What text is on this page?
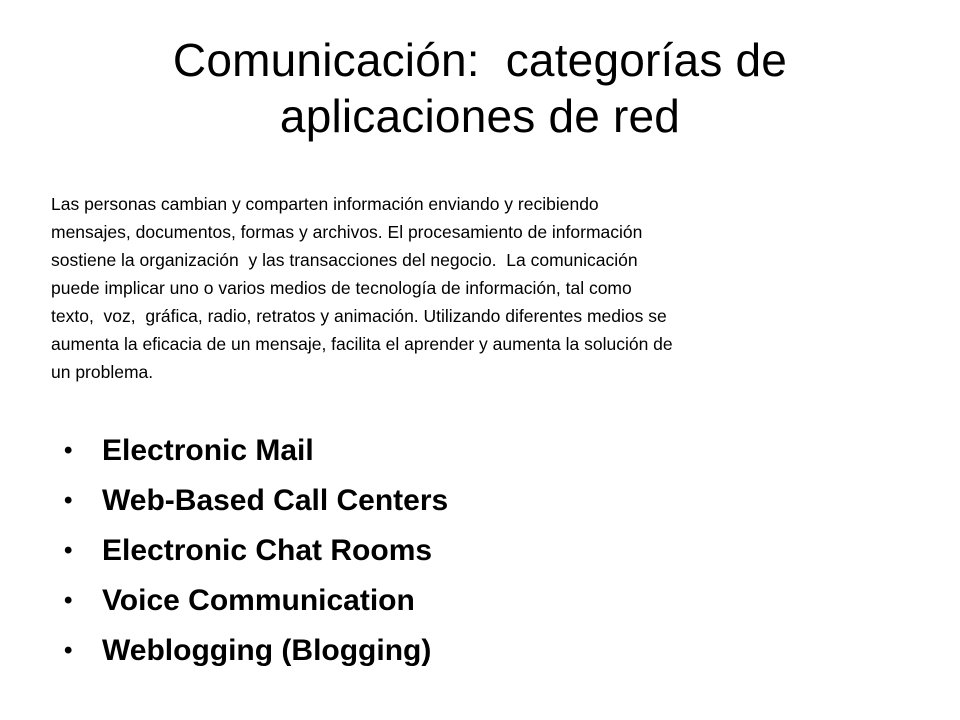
Comunicación:  categorías de
aplicaciones de red

Las personas cambian y comparten información enviando y recibiendo
mensajes, documentos, formas y archivos. El procesamiento de información
sostiene la organización  y las transacciones del negocio.  La comunicación
puede implicar uno o varios medios de tecnología de información, tal como
texto,  voz,  gráfica, radio, retratos y animación. Utilizando diferentes medios se
aumenta la eficacia de un mensaje, facilita el aprender y aumenta la solución de
un problema.

• Electronic Mail
• Web-Based Call Centers
• Electronic Chat Rooms
• Voice Communication
• Weblogging (Blogging)
